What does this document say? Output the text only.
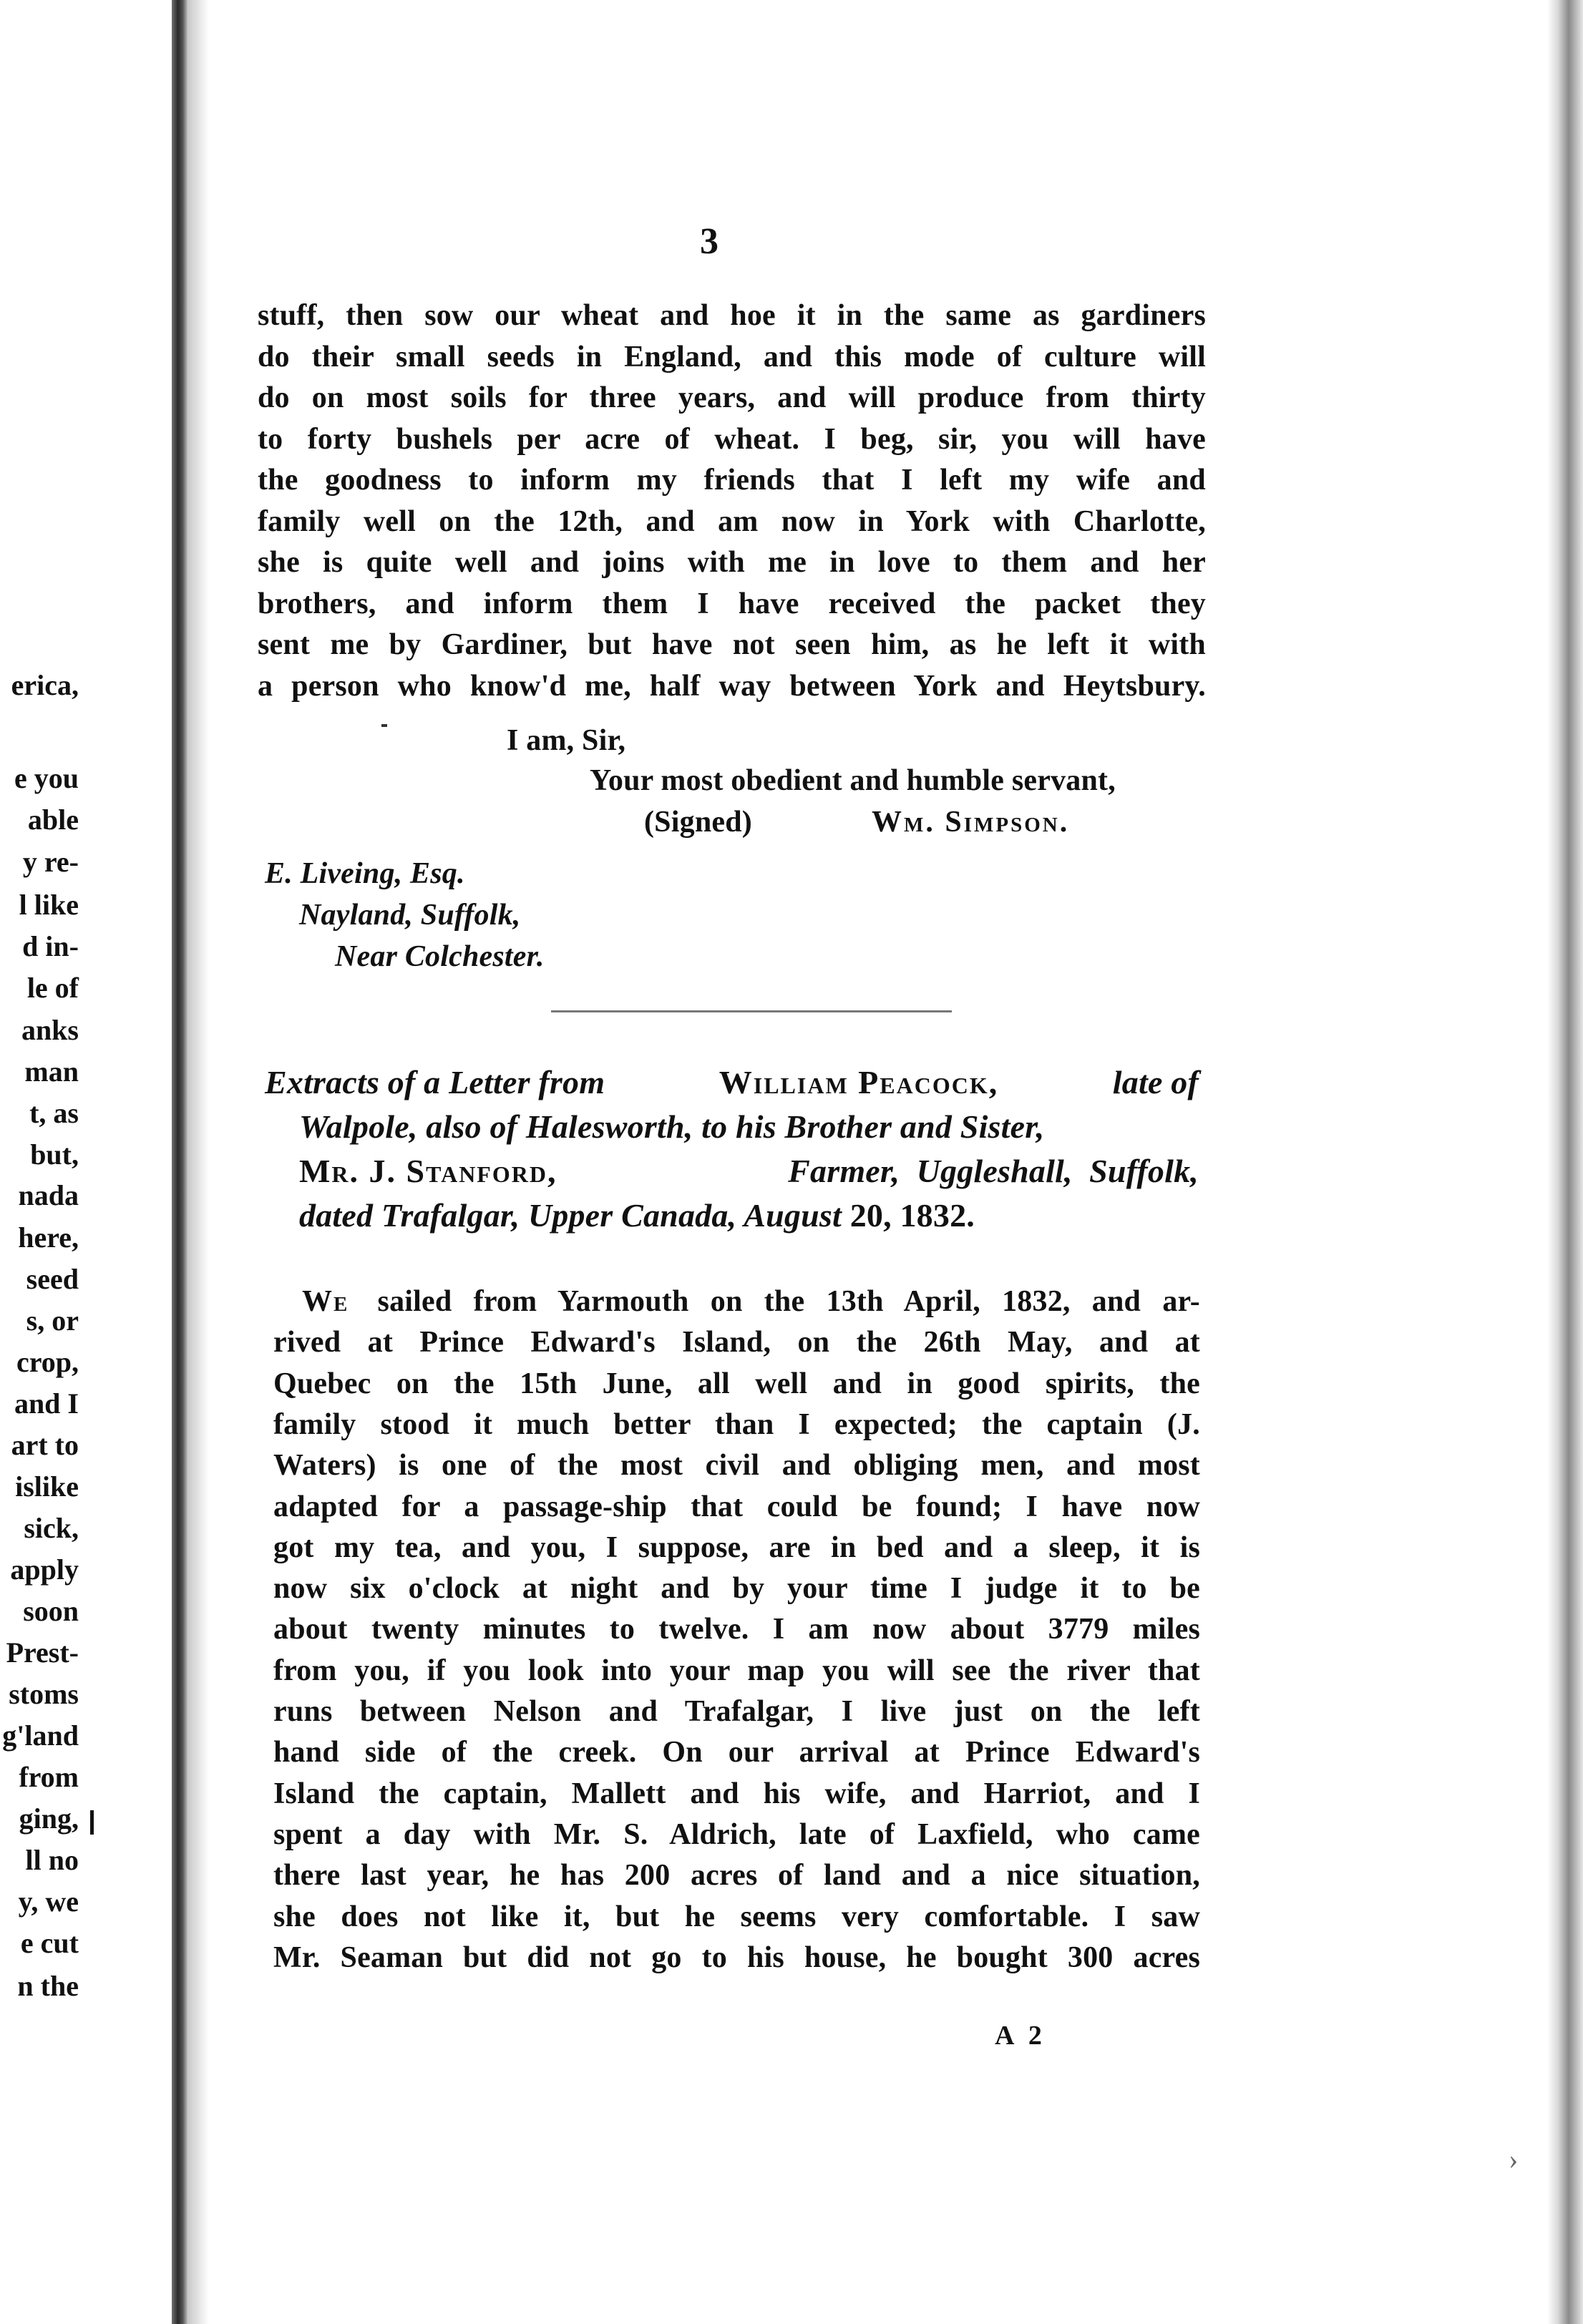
erica,
e you
able
y re-
l like
d in-
le of
anks
man
t, as
but,
nada
here,
seed
s, or
crop,
and I
art to
islike
sick,
apply
soon
Prest-
stoms
g'land
from
ging,
ll no
y, we
e cut
n the
3
stuff, then sow our wheat and hoe it in the same as gardiners
do their small seeds in England, and this mode of culture will
do on most soils for three years, and will produce from thirty
to forty bushels per acre of wheat. I beg, sir, you will have
the goodness to inform my friends that I left my wife and
family well on the 12th, and am now in York with Charlotte,
she is quite well and joins with me in love to them and her
brothers, and inform them I have received the packet they
sent me by Gardiner, but have not seen him, as he left it with
a person who know'd me, half way between York and Heytsbury.
I am, Sir,
Your most obedient and humble servant,
(Signed)	Wm. Simpson.
E. Liveing, Esq.
Nayland, Suffolk,
Near Colchester.
Extracts of a Letter from	William Peacock,	late of
Walpole, also of Halesworth, to his Brother and Sister,
Mr. J. Stanford,	Farmer,  Uggleshall,  Suffolk,
dated Trafalgar, Upper Canada, August 20, 1832.
We sailed from Yarmouth on the 13th April, 1832, and ar-
rived at Prince Edward's Island, on the 26th May, and at
Quebec on the 15th June, all well and in good spirits, the
family stood it much better than I expected; the captain (J.
Waters) is one of the most civil and obliging men, and most
adapted for a passage-ship that could be found; I have now
got my tea, and you, I suppose, are in bed and a sleep, it is
now six o'clock at night and by your time I judge it to be
about twenty minutes to twelve. I am now about 3779 miles
from you, if you look into your map you will see the river that
runs between Nelson and Trafalgar, I live just on the left
hand side of the creek. On our arrival at Prince Edward's
Island the captain, Mallett and his wife, and Harriot, and I
spent a day with Mr. S. Aldrich, late of Laxfield, who came
there last year, he has 200 acres of land and a nice situation,
she does not like it, but he seems very comfortable. I saw
Mr. Seaman but did not go to his house, he bought 300 acres
A 2
›
